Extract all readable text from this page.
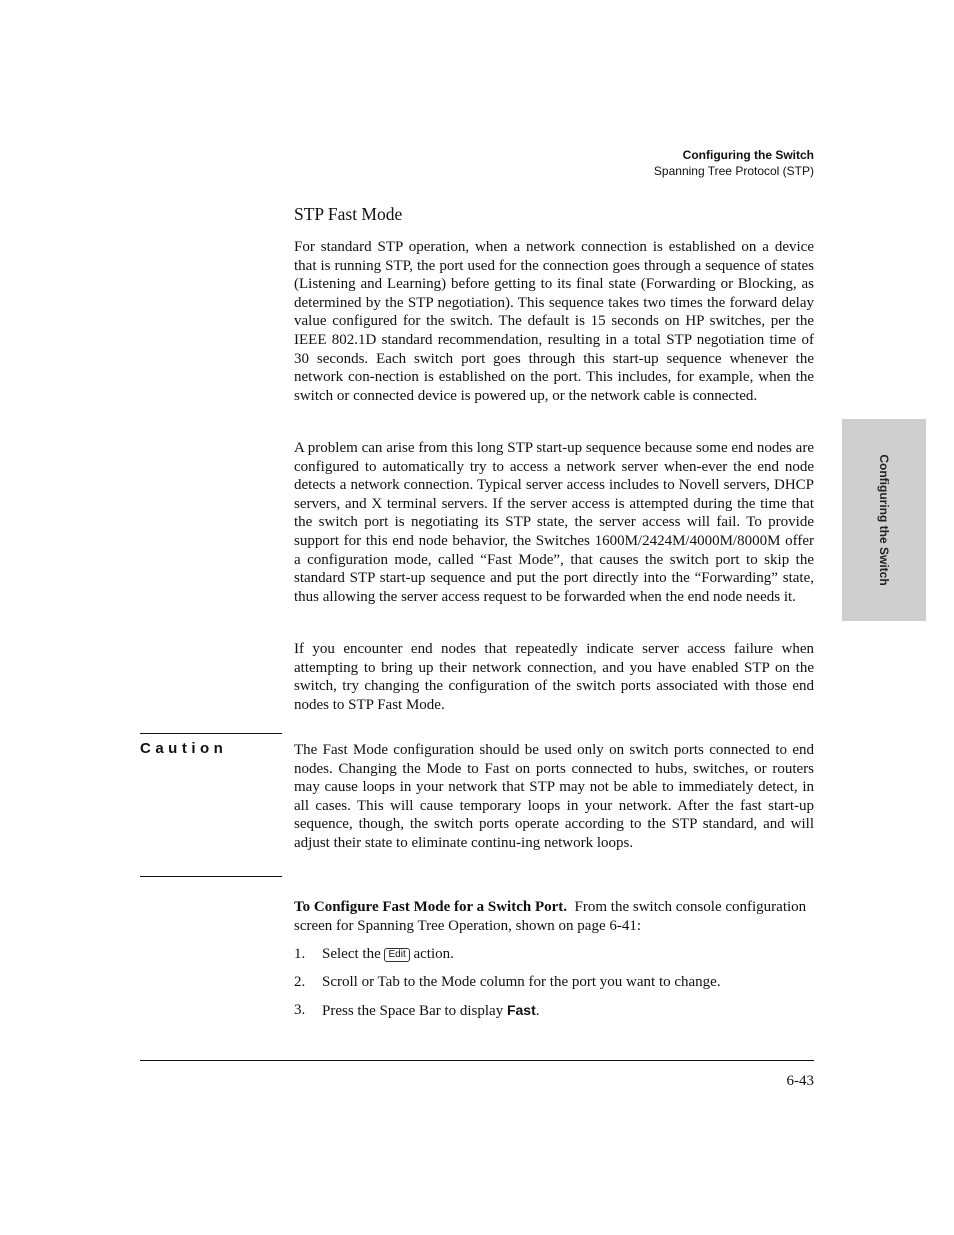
Configuring the Switch
Spanning Tree Protocol (STP)
Configuring the Switch
STP Fast Mode

For standard STP operation, when a network connection is established on a device that is running STP, the port used for the connection goes through a sequence of states (Listening and Learning) before getting to its final state (Forwarding or Blocking, as determined by the STP negotiation). This sequence takes two times the forward delay value configured for the switch. The default is 15 seconds on HP switches, per the IEEE 802.1D standard recommendation, resulting in a total STP negotiation time of 30 seconds. Each switch port goes through this start-up sequence whenever the network con-nection is established on the port. This includes, for example, when the switch or connected device is powered up, or the network cable is connected.

A problem can arise from this long STP start-up sequence because some end nodes are configured to automatically try to access a network server when-ever the end node detects a network connection. Typical server access includes to Novell servers, DHCP servers, and X terminal servers. If the server access is attempted during the time that the switch port is negotiating its STP state, the server access will fail. To provide support for this end node behavior, the Switches 1600M/2424M/4000M/8000M offer a configuration mode, called “Fast Mode”, that causes the switch port to skip the standard STP start-up sequence and put the port directly into the “Forwarding” state, thus allowing the server access request to be forwarded when the end node needs it.

If you encounter end nodes that repeatedly indicate server access failure when attempting to bring up their network connection, and you have enabled STP on the switch, try changing the configuration of the switch ports associated with those end nodes to STP Fast Mode.

Caution	The Fast Mode configuration should be used only on switch ports connected to end nodes. Changing the Mode to Fast on ports connected to hubs, switches, or routers may cause loops in your network that STP may not be able to immediately detect, in all cases. This will cause temporary loops in your network. After the fast start-up sequence, though, the switch ports operate according to the STP standard, and will adjust their state to eliminate continu-ing network loops.

To Configure Fast Mode for a Switch Port. From the switch console configuration screen for Spanning Tree Operation, shown on page 6-41:

1. Select the Edit action.
2. Scroll or Tab to the Mode column for the port you want to change.
3. Press the Space Bar to display Fast.
6-43
